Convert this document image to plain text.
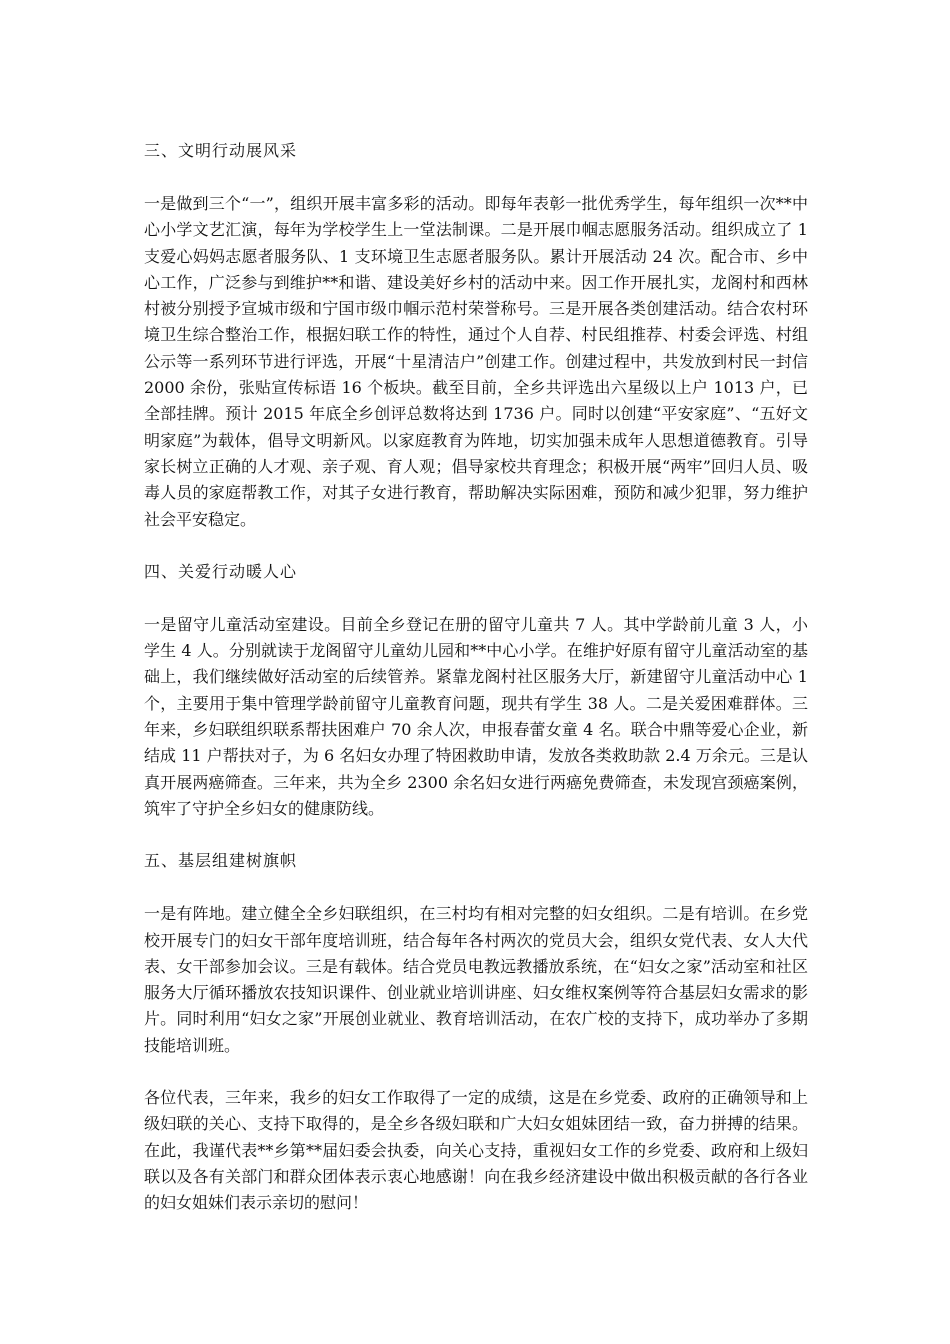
三、文明行动展风采

一是做到三个“一”，组织开展丰富多彩的活动。即每年表彰一批优秀学生，每年组织一次**中心小学文艺汇演，每年为学校学生上一堂法制课。二是开展巾帼志愿服务活动。组织成立了 1 支爱心妈妈志愿者服务队、1 支环境卫生志愿者服务队。累计开展活动 24 次。配合市、乡中心工作，广泛参与到维护**和谐、建设美好乡村的活动中来。因工作开展扎实，龙阁村和西林村被分别授予宣城市级和宁国市级巾帼示范村荣誉称号。三是开展各类创建活动。结合农村环境卫生综合整治工作，根据妇联工作的特性，通过个人自荐、村民组推荐、村委会评选、村组公示等一系列环节进行评选，开展“十星清洁户”创建工作。创建过程中，共发放到村民一封信 2000 余份，张贴宣传标语 16 个板块。截至目前，全乡共评选出六星级以上户 1013 户，已全部挂牌。预计 2015 年底全乡创评总数将达到 1736 户。同时以创建“平安家庭”、“五好文明家庭”为载体，倡导文明新风。以家庭教育为阵地，切实加强未成年人思想道德教育。引导家长树立正确的人才观、亲子观、育人观；倡导家校共育理念；积极开展“两牢”回归人员、吸毒人员的家庭帮教工作，对其子女进行教育，帮助解决实际困难，预防和减少犯罪，努力维护社会平安稳定。

四、关爱行动暖人心

一是留守儿童活动室建设。目前全乡登记在册的留守儿童共 7 人。其中学龄前儿童 3 人，小学生 4 人。分别就读于龙阁留守儿童幼儿园和**中心小学。在维护好原有留守儿童活动室的基础上，我们继续做好活动室的后续管养。紧靠龙阁村社区服务大厅，新建留守儿童活动中心 1 个，主要用于集中管理学龄前留守儿童教育问题，现共有学生 38 人。二是关爱困难群体。三年来，乡妇联组织联系帮扶困难户 70 余人次，申报春蕾女童 4 名。联合中鼎等爱心企业，新结成 11 户帮扶对子，为 6 名妇女办理了特困救助申请，发放各类救助款 2.4 万余元。三是认真开展两癌筛查。三年来，共为全乡 2300 余名妇女进行两癌免费筛查，未发现宫颈癌案例，筑牢了守护全乡妇女的健康防线。

五、基层组建树旗帜

一是有阵地。建立健全全乡妇联组织，在三村均有相对完整的妇女组织。二是有培训。在乡党校开展专门的妇女干部年度培训班，结合每年各村两次的党员大会，组织女党代表、女人大代表、女干部参加会议。三是有载体。结合党员电教远教播放系统，在“妇女之家”活动室和社区服务大厅循环播放农技知识课件、创业就业培训讲座、妇女维权案例等符合基层妇女需求的影片。同时利用“妇女之家”开展创业就业、教育培训活动，在农广校的支持下，成功举办了多期技能培训班。

各位代表，三年来，我乡的妇女工作取得了一定的成绩，这是在乡党委、政府的正确领导和上级妇联的关心、支持下取得的，是全乡各级妇联和广大妇女姐妹团结一致，奋力拼搏的结果。在此，我谨代表**乡第**届妇委会执委，向关心支持，重视妇女工作的乡党委、政府和上级妇联以及各有关部门和群众团体表示衷心地感谢！向在我乡经济建设中做出积极贡献的各行各业的妇女姐妹们表示亲切的慰问！
